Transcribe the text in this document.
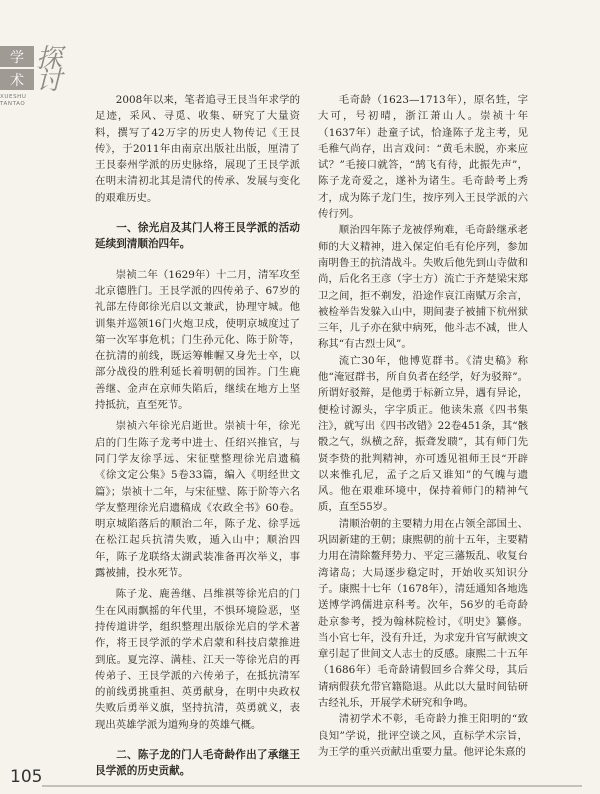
学
术
探讨
XUESHU
TANTAO	2008年以来，笔者追寻王艮当年求学的足迹，采风、寻觅、收集、研究了大量资料，撰写了42万字的历史人物传记《王艮传》，于2011年由南京出版社出版，厘清了王艮泰州学派的历史脉络，展现了王艮学派在明末清初北其是清代的传承、发展与变化的艰难历史。

一、徐光启及其门人将王艮学派的活动延续到清顺治四年。

崇祯二年（1629年）十二月，清军攻至北京德胜门。王艮学派的四传弟子、67岁的礼部左侍郎徐光启以文兼武，协理守城。他训集并巡领16门火炮卫戍，使明京城度过了第一次军事危机；门生孙元化、陈于阶等，在抗清的前线，既运筹帷幄又身先士卒，以部分战役的胜利延长着明朝的国祚。门生鹿善继、金声在京师失陷后，继续在地方上坚持抵抗，直至死节。

崇祯六年徐光启逝世。崇祯十年，徐光启的门生陈子龙考中进士、任绍兴推官，与同门学友徐孚远、宋征壁整理徐光启遗稿《徐文定公集》5卷33篇，编入《明经世文篇》；崇祯十二年，与宋征璧、陈于阶等六名学友整理徐光启遗稿成《农政全书》60卷。明京城陷落后的顺治二年，陈子龙、徐孚远在松江起兵抗清失败，遁入山中；顺治四年，陈子龙联络太湖武装准备再次举义，事露被捕，投水死节。

陈子龙、鹿善继、吕维祺等徐光启的门生在风雨飘摇的年代里，不惧环境险恶，坚持传道讲学，组织整理出版徐光启的学术著作，将王艮学派的学术启蒙和科技启蒙推进到底。夏完淳、满桂、江天一等徐光启的再传弟子、王艮学派的六传弟子，在抵抗清军的前线勇挑重担、英勇献身，在明中央政权失败后勇举义旗，坚持抗清，英勇就义，表现出英雄学派为道殉身的英雄气概。

二、陈子龙的门人毛奇龄作出了承继王艮学派的历史贡献。

毛奇龄（1623—1713年），原名甡，字大可，号初晴，浙江萧山人。崇祯十年（1637年）赴童子试，恰逢陈子龙主考，见毛稚气尚存，出言戏问：“黄毛未脱，亦来应试？”毛接口就答，“鹄飞有待，此振先声”，陈子龙奇爱之，遂补为诸生。毛奇龄考上秀才，成为陈子龙门生，按序列入王艮学派的六传行列。

顺治四年陈子龙被俘殉难，毛奇龄继承老师的大义精神，进入保定伯毛有伦序列，参加南明鲁王的抗清战斗。失败后他先到山寺做和尚，后化名王彦（字士方）流亡于齐楚梁宋郑卫之间，拒不剃发，沿途作哀江南赋万余言，被检举告发躲入山中，期间妻子被捕下杭州狱三年，儿子亦在狱中病死，他斗志不减，世人称其“有古烈士风”。

流亡30年，他博览群书。《清史稿》称他“淹冠群书，所自负者在经学，好为驳辩”。所谓好驳辩，是他勇于标新立异，遇有异论，便检讨源头，字字质正。他读朱熹《四书集注》，就写出《四书改错》22卷451条，其“骸骰之气，纵横之辞，振聋发聩”，其有师门先贤李贽的批判精神，亦可透见祖师王艮“开辟以来惟孔尼，孟子之后又谁知”的气魄与遗风。他在艰难环境中，保持着师门的精神气质，直至55岁。

清顺治朝的主要精力用在占领全部国土、巩固新建的王朝；康熙朝的前十五年，主要精力用在清除鳌拜势力、平定三藩叛乱、收复台湾诸岛；大局逐步稳定时，开始收买知识分子。康熙十七年（1678年），清廷通知各地选送博学鸿儒进京科考。次年，56岁的毛奇龄赴京参考，授为翰林院检讨，《明史》纂修。当小官七年，没有升迁，为求宠升官写献谀文章引起了世间文人志士的反感。康熙二十五年（1686年）毛奇龄请假回乡合葬父母，其后请病假获允带官籍隐退。从此以大量时间钻研古经礼乐，开展学术研究和争鸣。

清初学术不彰，毛奇龄力推王阳明的“致良知”学说，批评空谈之风，直标学术宗旨，为王学的重兴贡献出重要力量。他评论朱熹的

105
